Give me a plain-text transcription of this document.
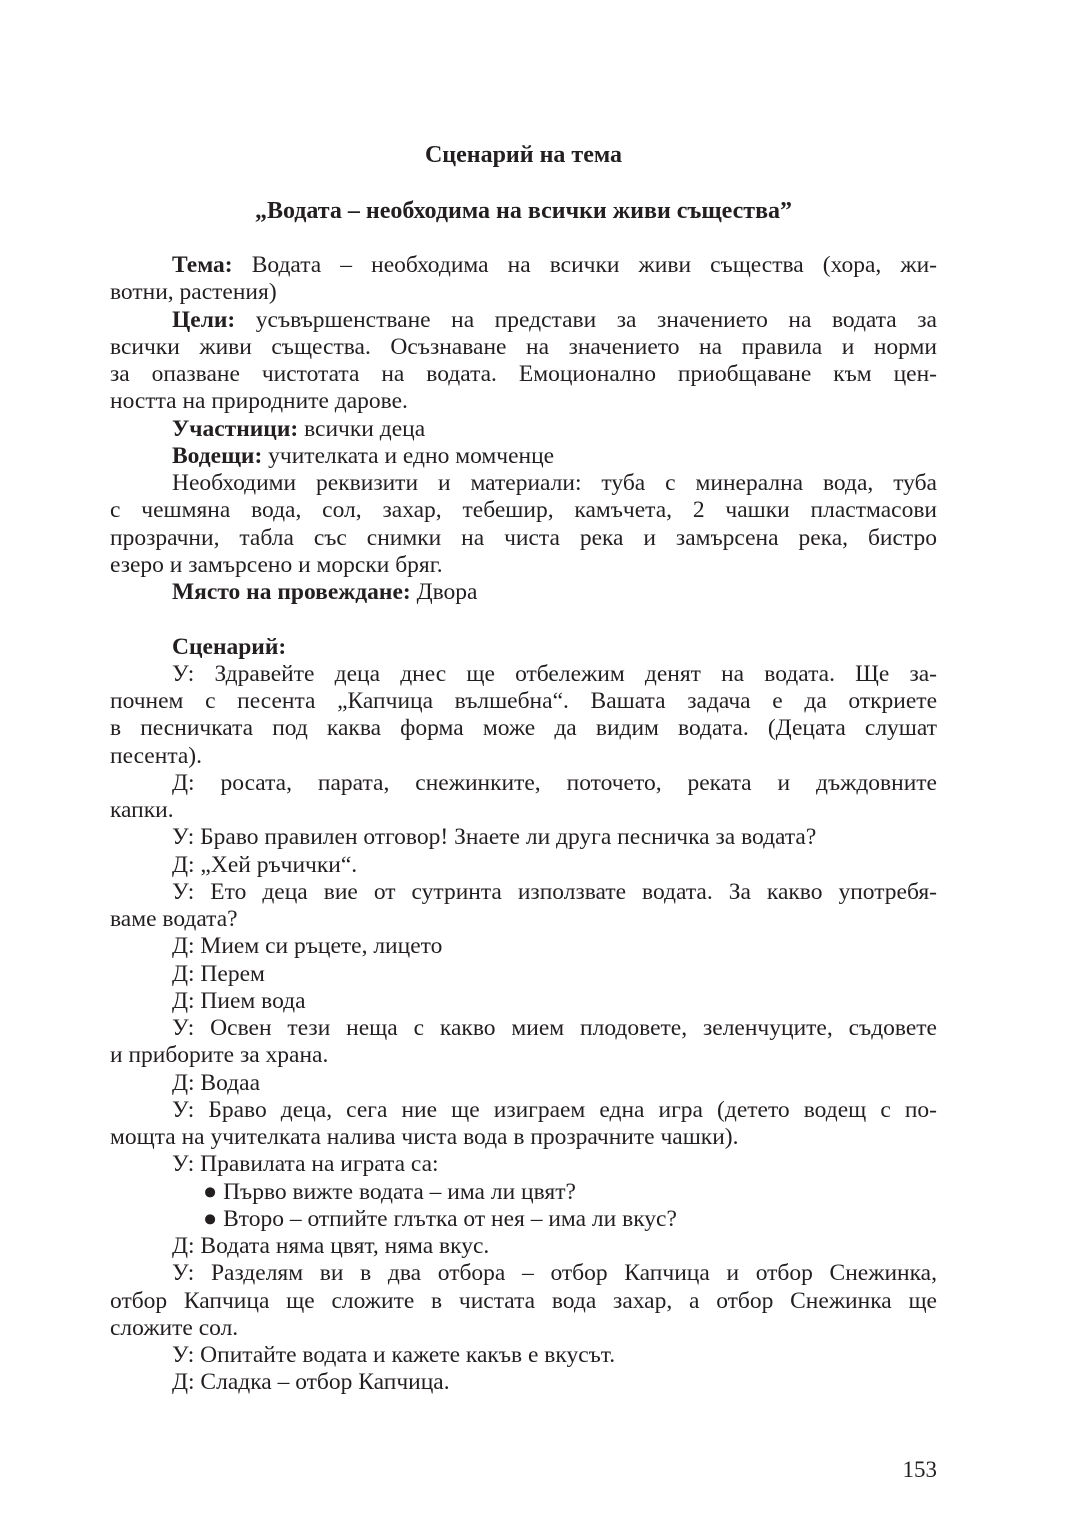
Сценарий на тема
„Водата – необходима на всички живи същества”
Тема: Водата – необходима на всички живи същества (хора, жи-
вотни, растения)
Цели: усъвършенстване на представи за значението на водата за
всички живи същества. Осъзнаване на значението на правила и норми
за опазване чистотата на водата. Емоционално приобщаване към цен-
ността на природните дарове.
Участници: всички деца
Водещи: учителката и едно момченце
Необходими реквизити и материали: туба с минерална вода, туба
с чешмяна вода, сол, захар, тебешир, камъчета, 2 чашки пластмасови
прозрачни, табла със снимки на чиста река и замърсена река, бистро
езеро и замърсено и морски бряг.
Място на провеждане: Двора
Сценарий:
У: Здравейте деца днес ще отбележим денят на водата. Ще за-
почнем с песента „Капчица вълшебна“. Вашата задача е да откриете
в песничката под каква форма може да видим водата. (Децата слушат
песента).
Д: росата, парата, снежинките, поточето, реката и дъждовните
капки.
У: Браво правилен отговор! Знаете ли друга песничка за водата?
Д: „Хей ръчички“.
У: Ето деца вие от сутринта използвате водата. За какво употребя-
ваме водата?
Д: Мием си ръцете, лицето
Д: Перем
Д: Пием вода
У: Освен тези неща с какво мием плодовете, зеленчуците, съдовете
и приборите за храна.
Д: Водаа
У: Браво деца, сега ние ще изиграем една игра (детето водещ с по-
мощта на учителката налива чиста вода в прозрачните чашки).
У: Правилата на играта са:
● Първо вижте водата – има ли цвят?
● Второ – отпийте глътка от нея – има ли вкус?
Д: Водата няма цвят, няма вкус.
У: Разделям ви в два отбора – отбор Капчица и отбор Снежинка,
отбор Капчица ще сложите в чистата вода захар, а отбор Снежинка ще
сложите сол.
У: Опитайте водата и кажете какъв е вкусът.
Д: Сладка – отбор Капчица.
153
